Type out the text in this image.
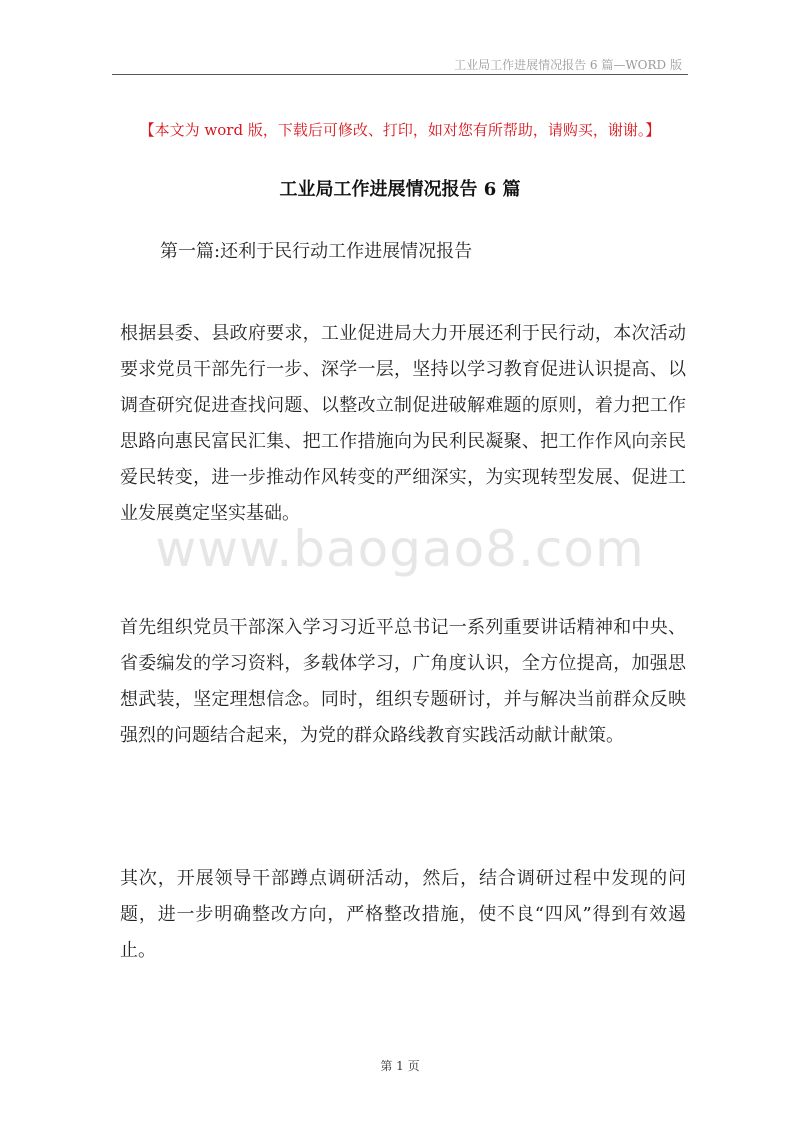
工业局工作进展情况报告 6 篇—WORD 版
【本文为 word 版，下载后可修改、打印，如对您有所帮助，请购买，谢谢。】
工业局工作进展情况报告 6 篇
第一篇:还利于民行动工作进展情况报告

根据县委、县政府要求，工业促进局大力开展还利于民行动，本次活动要求党员干部先行一步、深学一层，坚持以学习教育促进认识提高、以调查研究促进查找问题、以整改立制促进破解难题的原则，着力把工作思路向惠民富民汇集、把工作措施向为民利民凝聚、把工作作风向亲民爱民转变，进一步推动作风转变的严细深实，为实现转型发展、促进工业发展奠定坚实基础。

首先组织党员干部深入学习习近平总书记一系列重要讲话精神和中央、省委编发的学习资料，多载体学习，广角度认识，全方位提高，加强思想武装，坚定理想信念。同时，组织专题研讨，并与解决当前群众反映强烈的问题结合起来，为党的群众路线教育实践活动献计献策。

其次，开展领导干部蹲点调研活动，然后，结合调研过程中发现的问题，进一步明确整改方向，严格整改措施，使不良“四风”得到有效遏止。

www.baogao8.com
第 1 页
